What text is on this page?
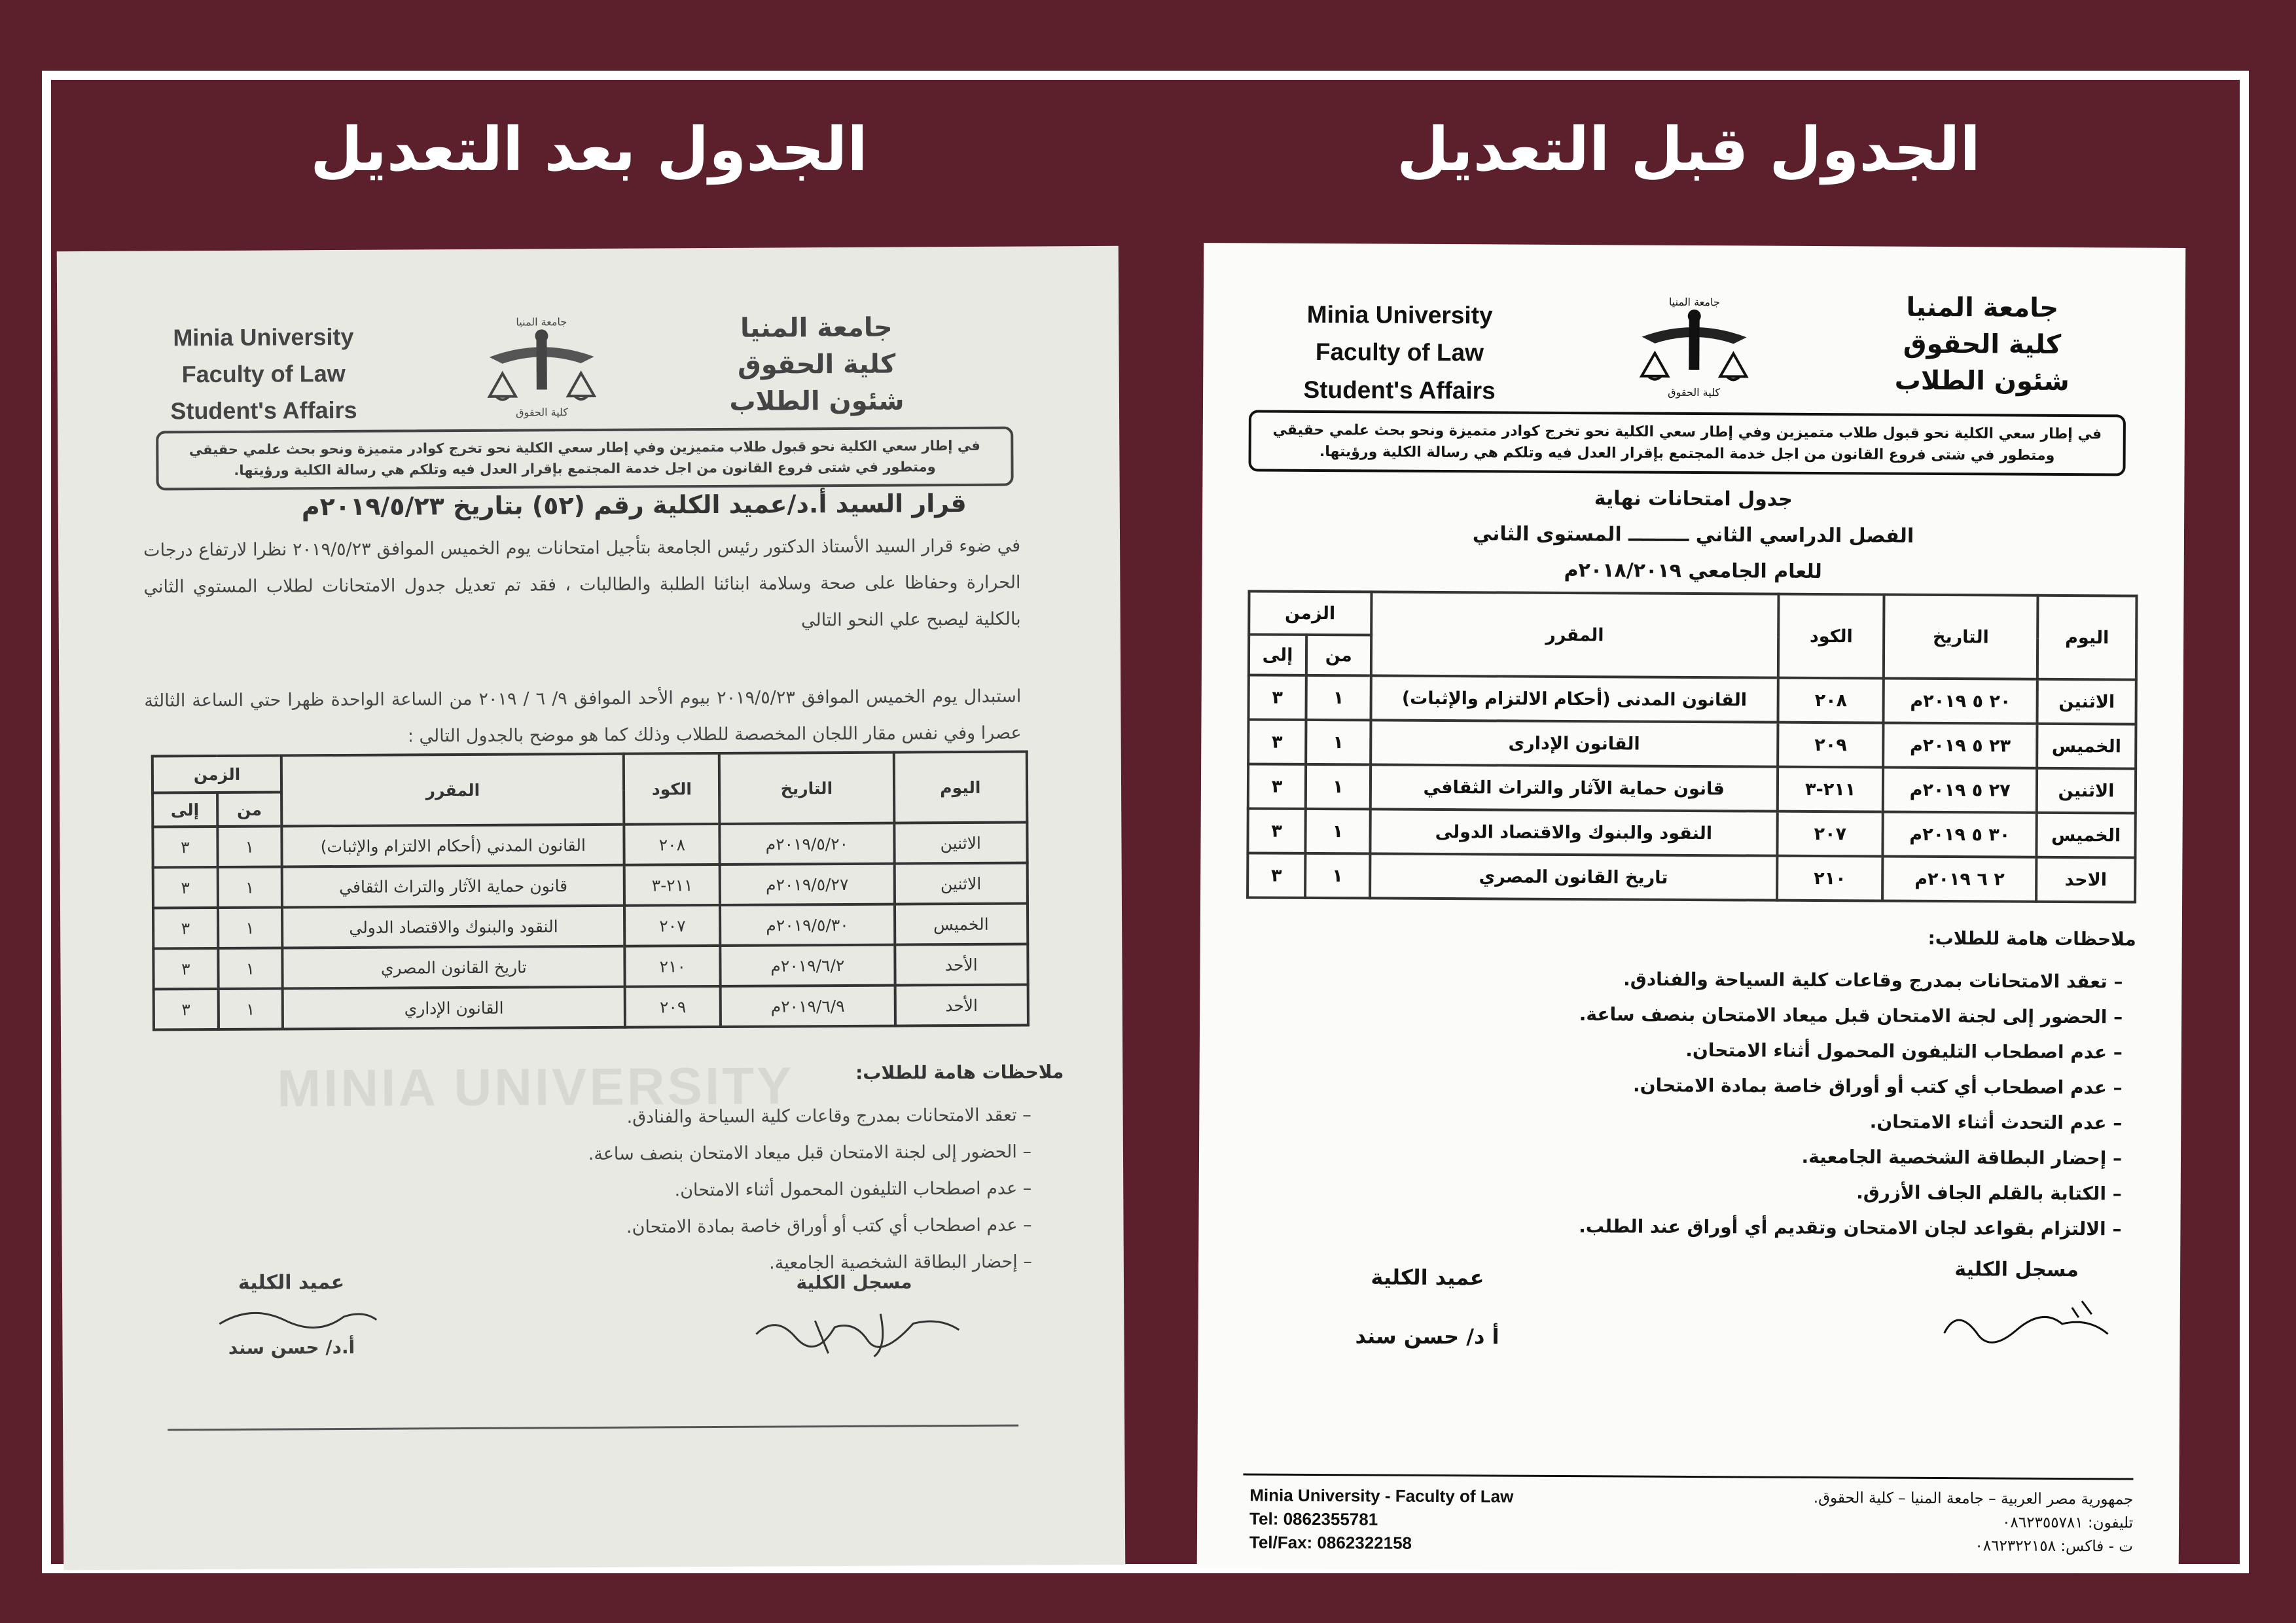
الجدول بعد التعديل	الجدول قبل التعديل
Minia University
Faculty of Law
Student's Affairs
جامعة المنيا
كلية الحقوق
جامعة المنيا
كلية الحقوق
شئون الطلاب
في إطار سعي الكلية نحو قبول طلاب متميزين وفي إطار سعي الكلية نحو تخرج كوادر متميزة ونحو بحث علمي حقيقي
ومتطور في شتى فروع القانون من اجل خدمة المجتمع بإقرار العدل فيه وتلكم هي رسالة الكلية ورؤيتها.
قرار السيد أ.د/عميد الكلية رقم (٥٢) بتاريخ ٢٠١٩/٥/٢٣م
في ضوء قرار السيد الأستاذ الدكتور رئيس الجامعة بتأجيل امتحانات يوم الخميس الموافق ٢٠١٩/٥/٢٣ نظرا لارتفاع درجات الحرارة وحفاظا على صحة وسلامة ابنائنا الطلبة والطالبات ، فقد تم تعديل جدول الامتحانات لطلاب المستوي الثاني بالكلية ليصبح علي النحو التالي
استبدال يوم الخميس الموافق ٢٠١٩/٥/٢٣ بيوم الأحد الموافق ٩/ ٦ / ٢٠١٩ من الساعة الواحدة ظهرا حتي الساعة الثالثة عصرا وفي نفس مقار اللجان المخصصة للطلاب وذلك كما هو موضح بالجدول التالي :
اليوم	التاريخ	الكود	المقرر	الزمن	
				من	إلى
الاثنين	٢٠١٩/٥/٢٠م	٢٠٨	القانون المدني (أحكام الالتزام والإثبات)	١	٣
الاثنين	٢٠١٩/٥/٢٧م	٢١١-٣	قانون حماية الآثار والتراث الثقافي	١	٣
الخميس	٢٠١٩/٥/٣٠م	٢٠٧	النقود والبنوك والاقتصاد الدولي	١	٣
الأحد	٢٠١٩/٦/٢م	٢١٠	تاريخ القانون المصري	١	٣
الأحد	٢٠١٩/٦/٩م	٢٠٩	القانون الإداري	١	٣
ملاحظات هامة للطلاب:
– تعقد الامتحانات بمدرج وقاعات كلية السياحة والفنادق.
– الحضور إلى لجنة الامتحان قبل ميعاد الامتحان بنصف ساعة.
– عدم اصطحاب التليفون المحمول أثناء الامتحان.
– عدم اصطحاب أي كتب أو أوراق خاصة بمادة الامتحان.
– إحضار البطاقة الشخصية الجامعية.
MINIA UNIVERSITY
عميد الكلية
أ.د/ حسن سند
مسجل الكلية
Minia University
Faculty of Law
Student's Affairs
جامعة المنيا
كلية الحقوق
جامعة المنيا
كلية الحقوق
شئون الطلاب
في إطار سعي الكلية نحو قبول طلاب متميزين وفي إطار سعي الكلية نحو تخرج كوادر متميزة ونحو بحث علمي حقيقي
ومتطور في شتى فروع القانون من اجل خدمة المجتمع بإقرار العدل فيه وتلكم هي رسالة الكلية ورؤيتها.
جدول امتحانات نهاية
الفصل الدراسي الثاني ـــــــــ المستوى الثاني
للعام الجامعي ٢٠١٨/٢٠١٩م
اليوم	التاريخ	الكود	المقرر	الزمن	
				من	إلى
الاثنين	٢٠ ٥ ٢٠١٩م	٢٠٨	القانون المدنى (أحكام الالتزام والإثبات)	١	٣
الخميس	٢٣ ٥ ٢٠١٩م	٢٠٩	القانون الإدارى	١	٣
الاثنين	٢٧ ٥ ٢٠١٩م	٢١١-٣	قانون حماية الآثار والتراث الثقافي	١	٣
الخميس	٣٠ ٥ ٢٠١٩م	٢٠٧	النقود والبنوك والاقتصاد الدولى	١	٣
الاحد	٢ ٦ ٢٠١٩م	٢١٠	تاريخ القانون المصري	١	٣
ملاحظات هامة للطلاب:
– تعقد الامتحانات بمدرج وقاعات كلية السياحة والفنادق.
– الحضور إلى لجنة الامتحان قبل ميعاد الامتحان بنصف ساعة.
– عدم اصطحاب التليفون المحمول أثناء الامتحان.
– عدم اصطحاب أي كتب أو أوراق خاصة بمادة الامتحان.
– عدم التحدث أثناء الامتحان.
– إحضار البطاقة الشخصية الجامعية.
– الكتابة بالقلم الجاف الأزرق.
– الالتزام بقواعد لجان الامتحان وتقديم أي أوراق عند الطلب.
عميد الكلية
أ د/ حسن سند
مسجل الكلية
Minia University - Faculty of Law
Tel: 0862355781
Tel/Fax: 0862322158
جمهورية مصر العربية – جامعة المنيا – كلية الحقوق.
تليفون: ٠٨٦٢٣٥٥٧٨١
ت - فاكس: ٠٨٦٢٣٢٢١٥٨
